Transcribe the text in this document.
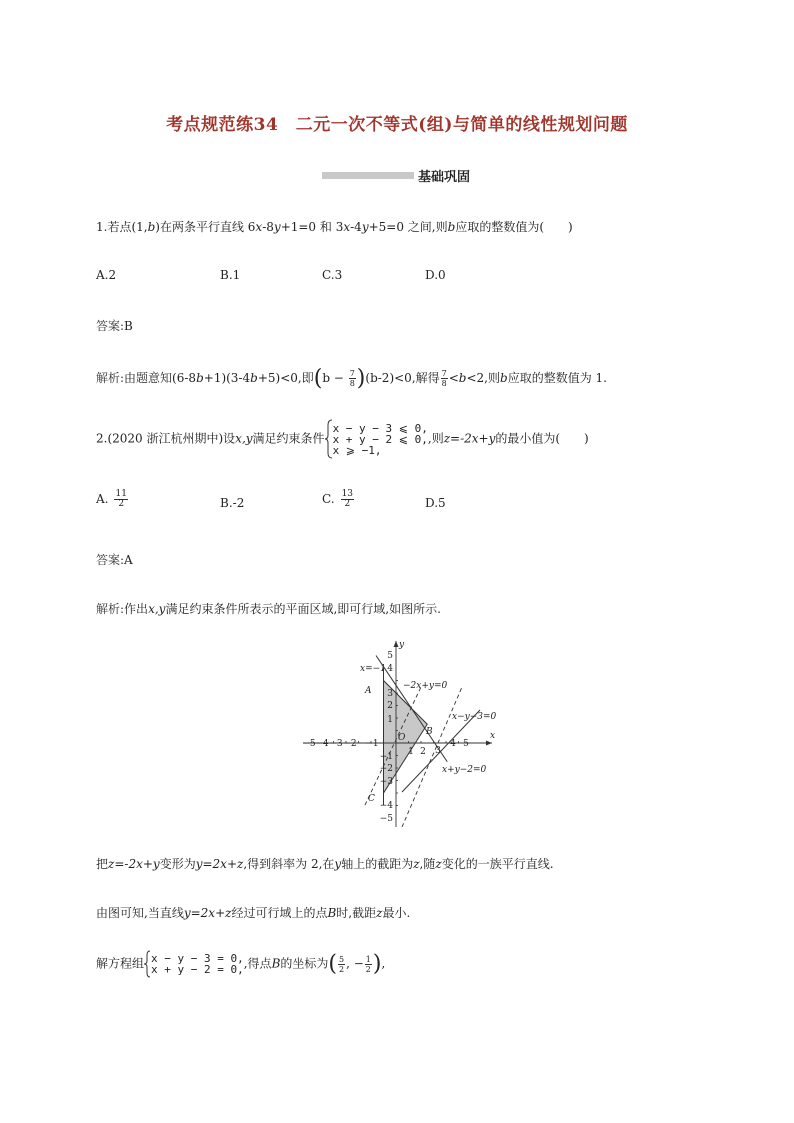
考点规范练34　二元一次不等式(组)与简单的线性规划问题
基础巩固
1.若点(1,b)在两条平行直线 6x-8y+1=0 和 3x-4y+5=0 之间,则b应取的整数值为(　　)
A.2	B.1	C.3	D.0
答案:B
解析:由题意知(6-8b+1)(3-4b+5)<0,即$(b - \frac{7}{8} )(b-2)<0$,解得 $\frac{7}{8} <b<2$,则b应取的整数值为 1.
2.(2020 浙江杭州期中)设x,y满足约束条件
x − y − 3 ⩽ 0,
x + y − 2 ⩽ 0,
x ⩾ −1,
,则z=-2x+y的最小值为(　　)
A. $\frac{11}{2}$	B.-2	C. $\frac{13}{2}$	D.5
答案:A
解析:作出x,y满足约束条件所表示的平面区域,即可行域,如图所示.
−5 −4 −3 −2 −1
1 2 3
4 5
5
4
3
2
1
−1
−2
−3
−4
−5
x
y
O
A
B
C
x=−1
−2x+y=0
x−y−3=0
x+y−2=0
把z=-2x+y变形为y=2x+z,得到斜率为 2,在y轴上的截距为z,随z变化的一族平行直线.
由图可知,当直线y=2x+z经过可行域上的点B时,截距z最小.
解方程组 x − y − 3 = 0,
x + y − 2 = 0, ,得点B的坐标为( $\frac{5}{2}$ , − $\frac{1}{2}$ ),
